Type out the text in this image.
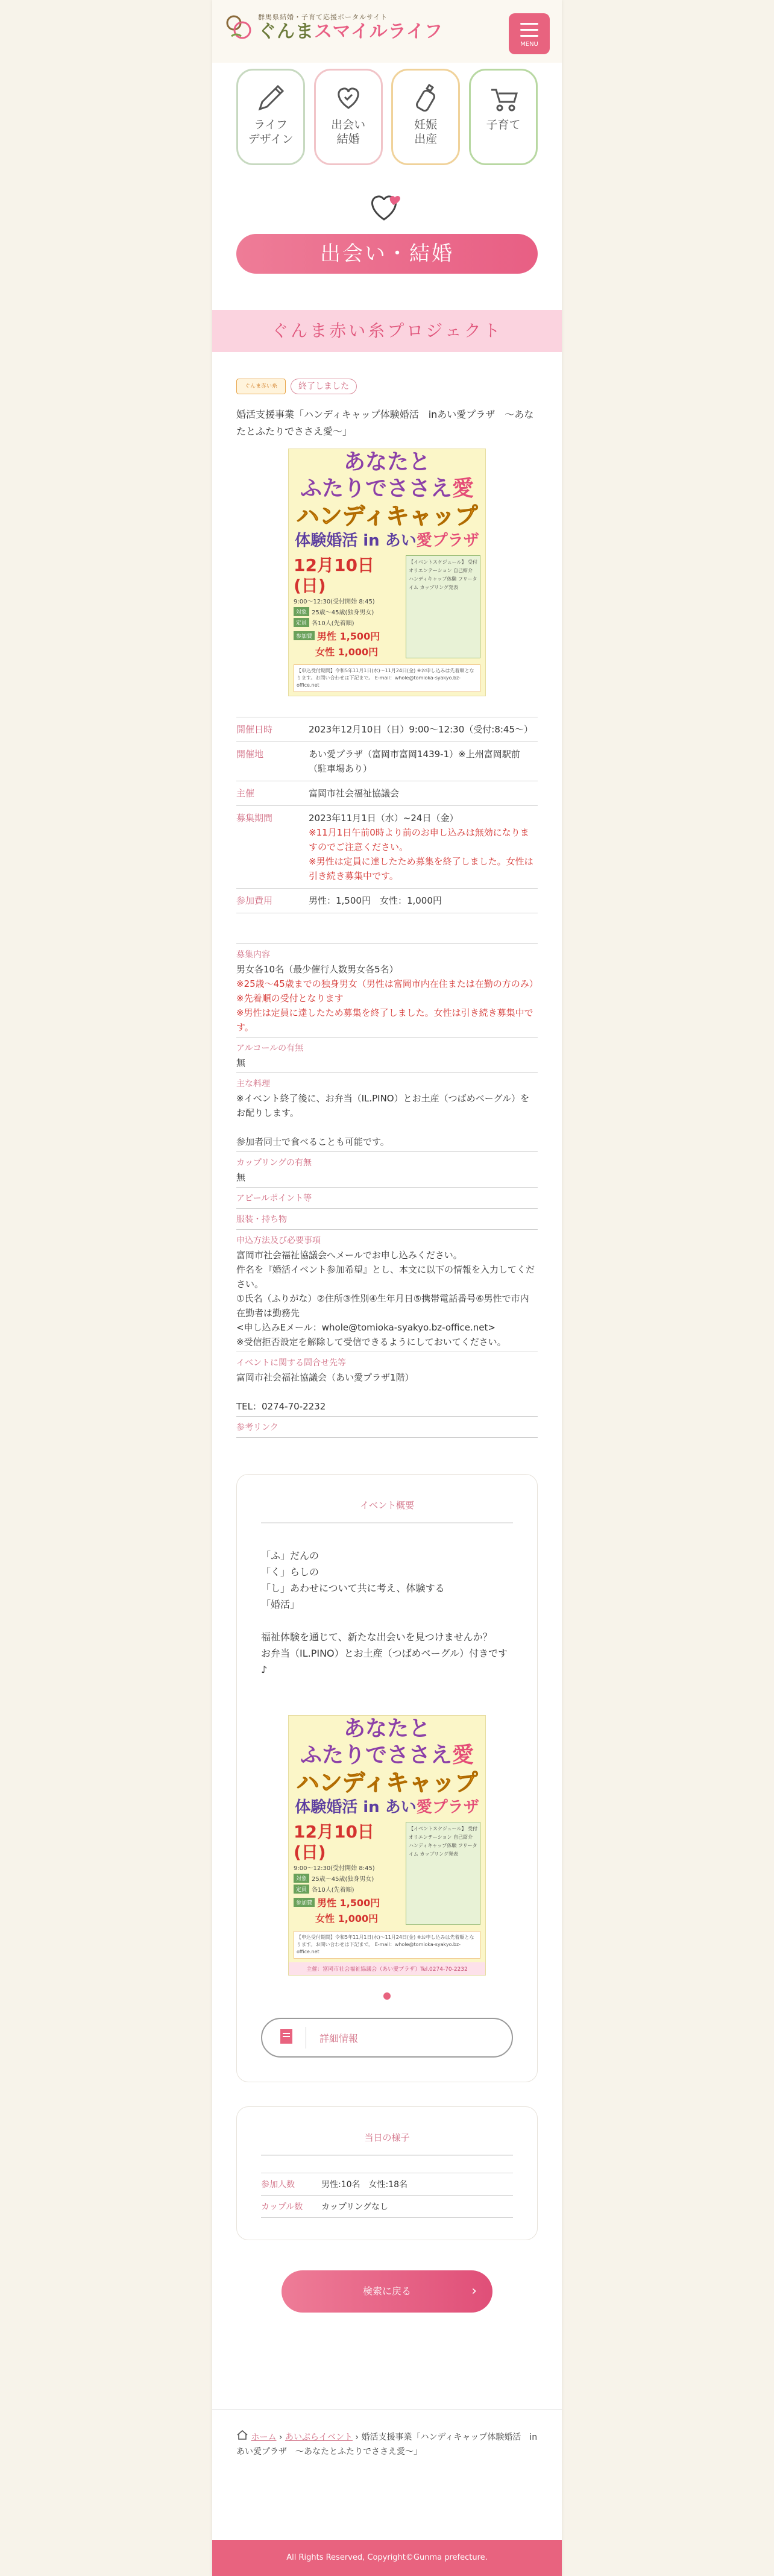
群馬県結婚・子育て応援ポータルサイト
ぐんまスマイルライフ
MENU
ライフ
デザイン
出会い
結婚
妊娠
出産
子育て
出会い・結婚
ぐんま赤い糸プロジェクト
ぐんま赤い糸	終了しました
婚活支援事業「ハンディキャップ体験婚活　inあい愛プラザ　～あなたとふたりでささえ愛～」
あなたと
ふたりでささえ愛
ハンディキャップ
体験婚活 in あい愛プラザ
12月10日(日)
9:00〜12:30(受付開始 8:45)
対象 25歳〜45歳(独身男女)
定員 各10人(先着順)
参加費 男性 1,500円
女性 1,000円
【イベントスケジュール】 受付 オリエンテーション 自己紹介 ハンディキャップ体験 フリータイム カップリング発表
【申込受付期間】令和5年11月1日(水)〜11月24日(金) ※お申し込みは先着順となります。お問い合わせは下記まで。 E-mail：whole@tomioka-syakyo.bz-office.net
開催日時	2023年12月10日（日）9:00～12:30（受付:8:45～）
開催地	あい愛プラザ（富岡市富岡1439-1）※上州富岡駅前（駐車場あり）
主催	富岡市社会福祉協議会
募集期間	2023年11月1日（水）~24日（金）
※11月1日午前0時より前のお申し込みは無効になりますのでご注意ください。
※男性は定員に達したため募集を終了しました。女性は引き続き募集中です。

参加費用	男性：1,500円　女性：1,000円
募集内容
男女各10名（最少催行人数男女各5名）
※25歳～45歳までの独身男女（男性は富岡市内在住または在勤の方のみ）
※先着順の受付となります
※男性は定員に達したため募集を終了しました。女性は引き続き募集中です。
アルコールの有無
無
主な料理
※イベント終了後に、お弁当（IL.PINO）とお土産（つばめベーグル）をお配りします。

参加者同士で食べることも可能です。
カップリングの有無
無
アピールポイント等
服装・持ち物
申込方法及び必要事項
富岡市社会福祉協議会へメールでお申し込みください。
件名を『婚活イベント参加希望』とし、本文に以下の情報を入力してください。
①氏名（ふりがな）②住所③性別④生年月日⑤携帯電話番号⑥男性で市内在勤者は勤務先
<申し込みEメール：whole@tomioka-syakyo.bz-office.net>
※受信拒否設定を解除して受信できるようにしておいてください。
イベントに関する問合せ先等
富岡市社会福祉協議会（あい愛プラザ1階）

TEL：0274-70-2232
参考リンク
イベント概要
「ふ」だんの
「く」らしの
「し」あわせについて共に考え、体験する
「婚活」

福祉体験を通じて、新たな出会いを見つけませんか？
お弁当（IL.PINO）とお土産（つばめベーグル）付きです♪
あなたと
ふたりでささえ愛
ハンディキャップ
体験婚活 in あい愛プラザ
12月10日(日)
9:00〜12:30(受付開始 8:45)
対象 25歳〜45歳(独身男女)
定員 各10人(先着順)
参加費 男性 1,500円
女性 1,000円
【イベントスケジュール】 受付 オリエンテーション 自己紹介 ハンディキャップ体験 フリータイム カップリング発表
【申込受付期間】令和5年11月1日(水)〜11月24日(金) ※お申し込みは先着順となります。お問い合わせは下記まで。 E-mail：whole@tomioka-syakyo.bz-office.net
主催：富岡市社会福祉協議会（あい愛プラザ）Tel.0274-70-2232
詳細情報
当日の様子
参加人数	男性:10名　女性:18名
カップル数	カップリングなし
検索に戻る	›
ホーム › あいぷらイベント › 婚活支援事業「ハンディキャップ体験婚活　inあい愛プラザ　～あなたとふたりでささえ愛～」
All Rights Reserved, Copyright©Gunma prefecture.
